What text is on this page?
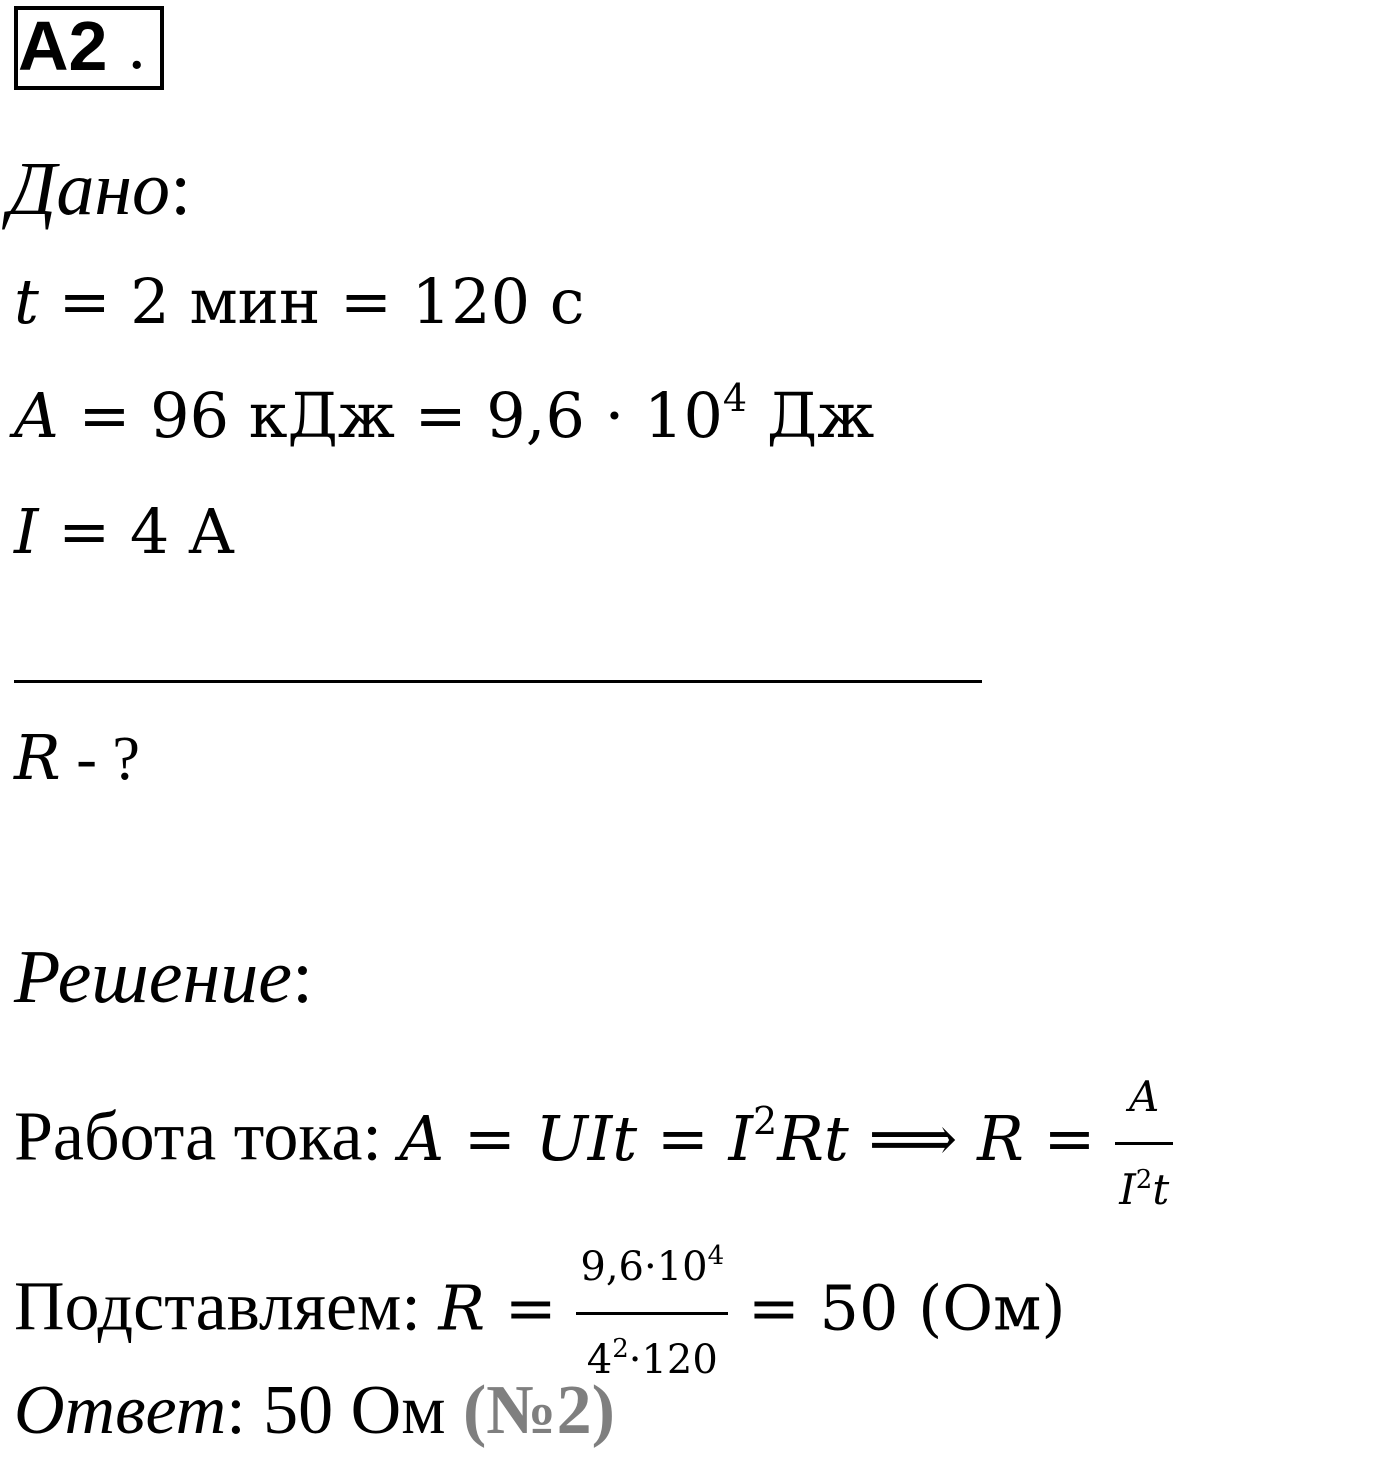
A2 .
Дано:
t = 2 мин = 120 с
A = 96 кДж = $9,6 \cdot 10^4$ Дж
I = 4 A
R - ?
Решение:
Работа тока: A = UIt = $I^2Rt$ ⟹ $R = \frac{A}{I^2t}$
Подставляем: $R = \frac{9,6\cdot 10^4}{4^2\cdot 120} = 50$ (Ом)
Ответ: 50 Ом (№2)
